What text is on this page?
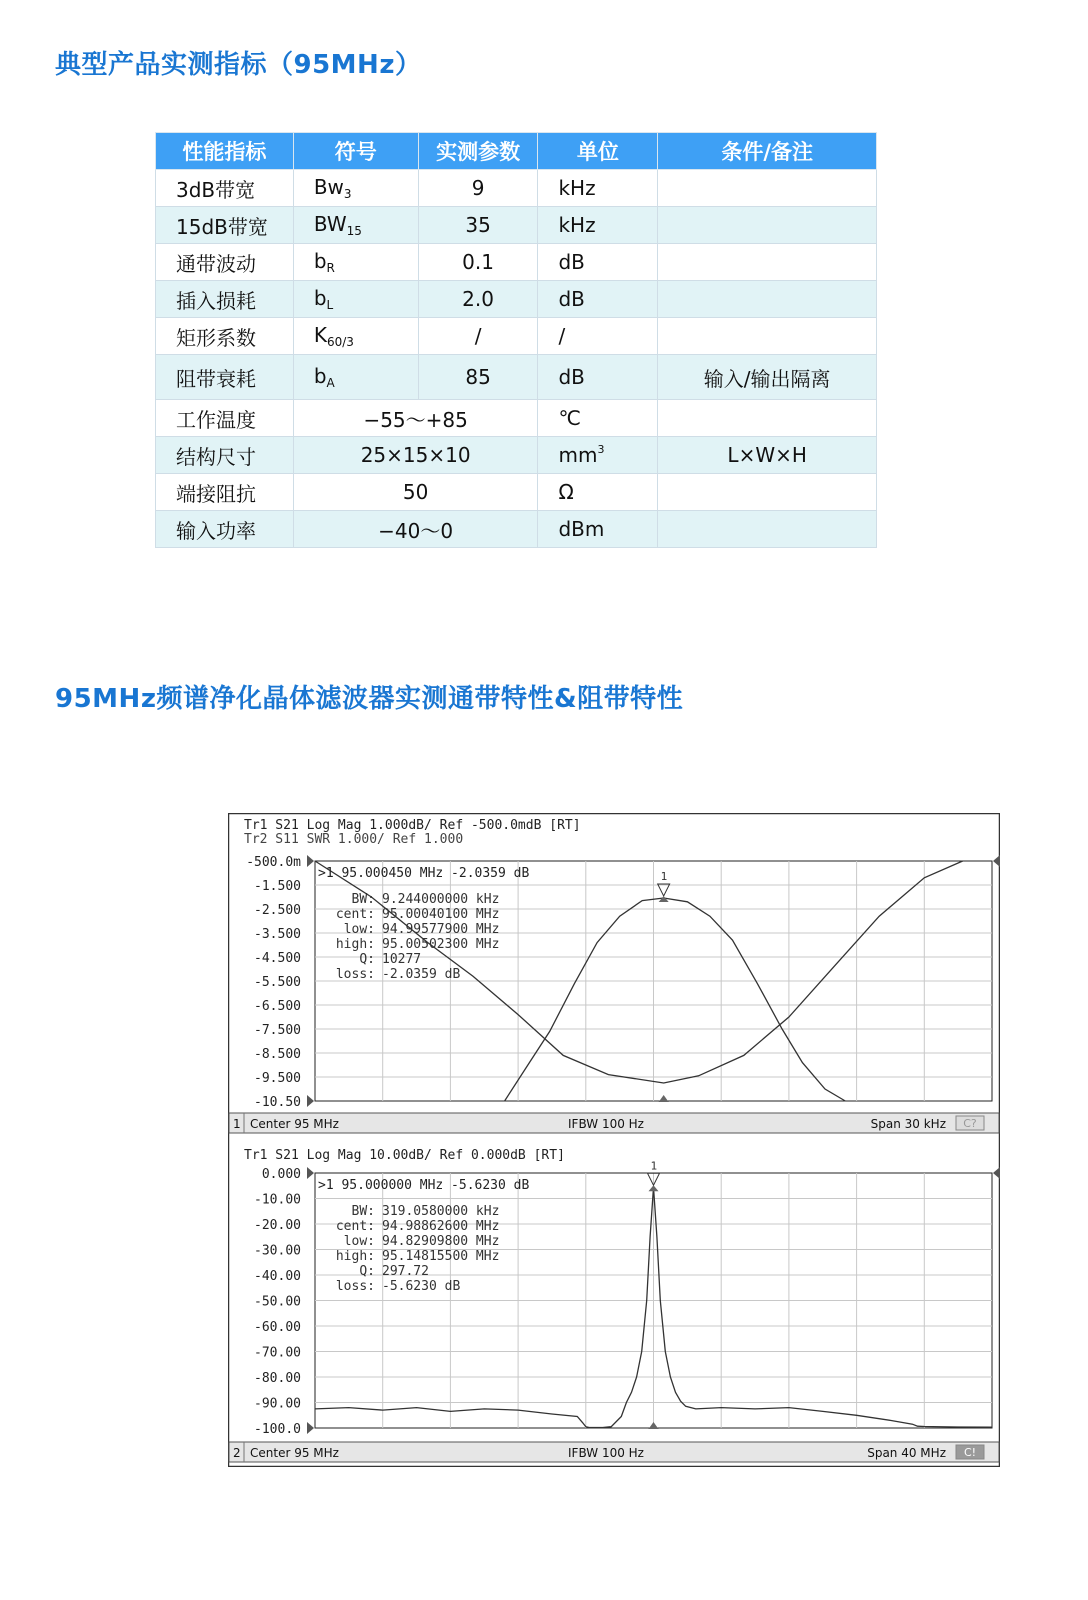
典型产品实测指标（95MHz）
性能指标	符号	实测参数	单位	条件/备注
3dB带宽	$Bw_3$	9	kHz	
15dB带宽	$BW_{15}$	35	kHz	
通带波动	$b_R$	0.1	dB	
插入损耗	$b_L$	2.0	dB	
矩形系数	$K_{60/3}$	/	/	
阻带衰耗	$b_A$	85	dB	输入/输出隔离
工作温度	−55～+85		℃	
结构尺寸	25×15×10		$mm^3$	L×W×H
端接阻抗	50		Ω	
输入功率	−40～0		dBm	
95MHz频谱净化晶体滤波器实测通带特性&阻带特性
Tr1 S21 Log Mag 1.000dB/ Ref -500.0mdB [RT]
Tr2 S11 SWR 1.000/ Ref 1.000
-500.0m
-1.500
-2.500
-3.500
-4.500
-5.500
-6.500
-7.500
-8.500
-9.500
-10.50
>1 95.000450 MHz -2.0359 dB
BW: 9.244000000 kHz
cent: 95.00040100 MHz
low: 94.99577900 MHz
high: 95.00502300 MHz
Q: 10277
loss: -2.0359 dB
1
1 Center 95 MHz	IFBW 100 Hz	Span 30 kHz C?
Tr1 S21 Log Mag 10.00dB/ Ref 0.000dB [RT]
0.000
-10.00
-20.00
-30.00
-40.00
-50.00
-60.00
-70.00
-80.00
-90.00
-100.0
>1 95.000000 MHz -5.6230 dB
BW: 319.0580000 kHz
cent: 94.98862600 MHz
low: 94.82909800 MHz
high: 95.14815500 MHz
Q: 297.72
loss: -5.6230 dB
1
2 Center 95 MHz	IFBW 100 Hz	Span 40 MHz C!
